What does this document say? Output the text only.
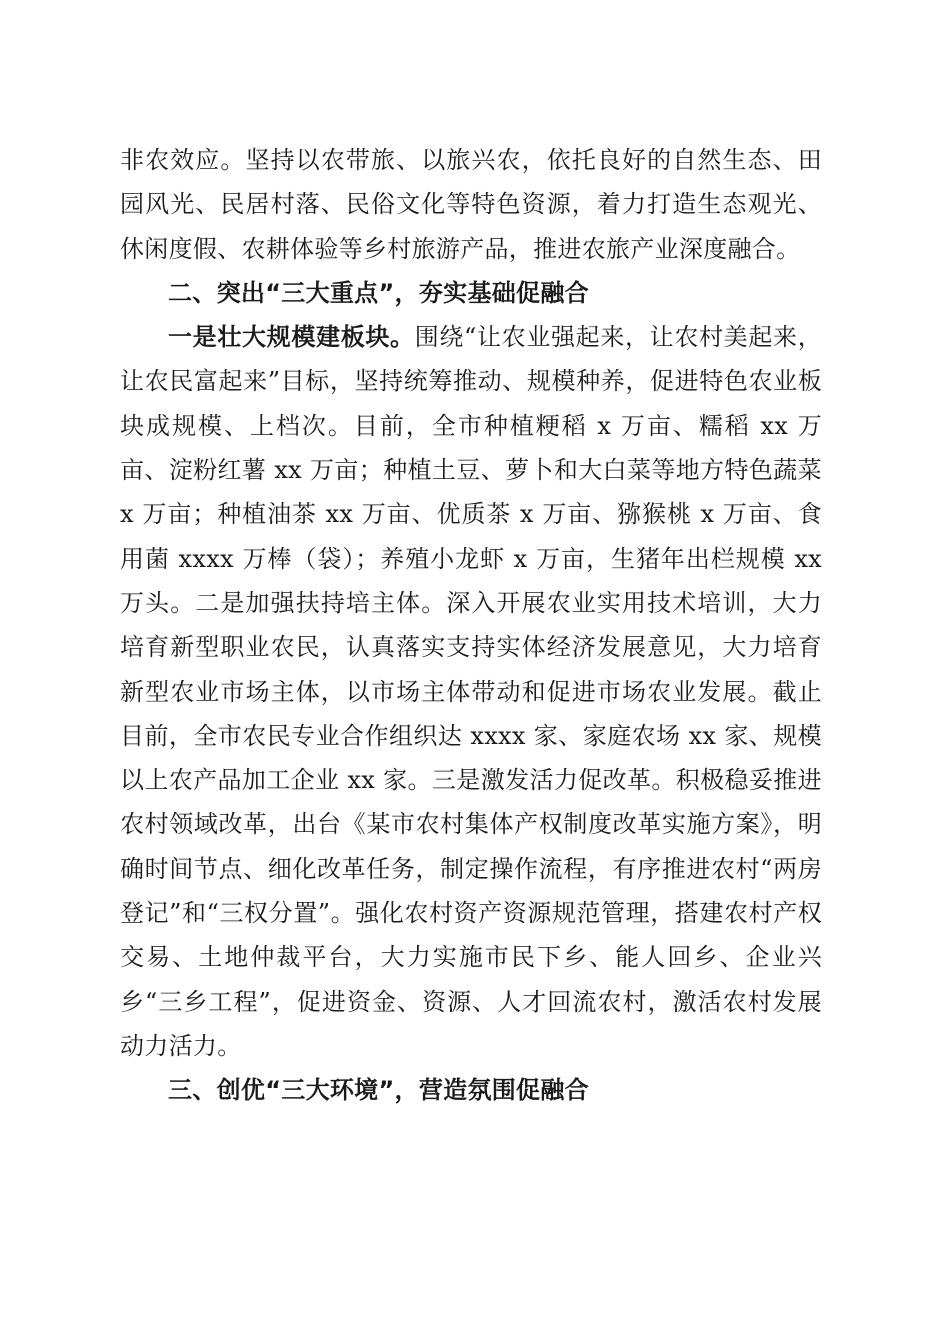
非农效应。坚持以农带旅、以旅兴农，依托良好的自然生态、田园风光、民居村落、民俗文化等特色资源，着力打造生态观光、休闲度假、农耕体验等乡村旅游产品，推进农旅产业深度融合。

二、突出“三大重点”，夯实基础促融合

一是壮大规模建板块。围绕“让农业强起来，让农村美起来，让农民富起来”目标，坚持统筹推动、规模种养，促进特色农业板块成规模、上档次。目前，全市种植粳稻 x 万亩、糯稻 xx 万亩、淀粉红薯 xx 万亩；种植土豆、萝卜和大白菜等地方特色蔬菜 x 万亩；种植油茶 xx 万亩、优质茶 x 万亩、猕猴桃 x 万亩、食用菌 xxxx 万棒（袋）；养殖小龙虾 x 万亩，生猪年出栏规模 xx 万头。二是加强扶持培主体。深入开展农业实用技术培训，大力培育新型职业农民，认真落实支持实体经济发展意见，大力培育新型农业市场主体，以市场主体带动和促进市场农业发展。截止目前，全市农民专业合作组织达 xxxx 家、家庭农场 xx 家、规模以上农产品加工企业 xx 家。三是激发活力促改革。积极稳妥推进农村领域改革，出台《某市农村集体产权制度改革实施方案》，明确时间节点、细化改革任务，制定操作流程，有序推进农村“两房登记”和“三权分置”。强化农村资产资源规范管理，搭建农村产权交易、土地仲裁平台，大力实施市民下乡、能人回乡、企业兴乡“三乡工程”，促进资金、资源、人才回流农村，激活农村发展动力活力。

三、创优“三大环境”，营造氛围促融合
